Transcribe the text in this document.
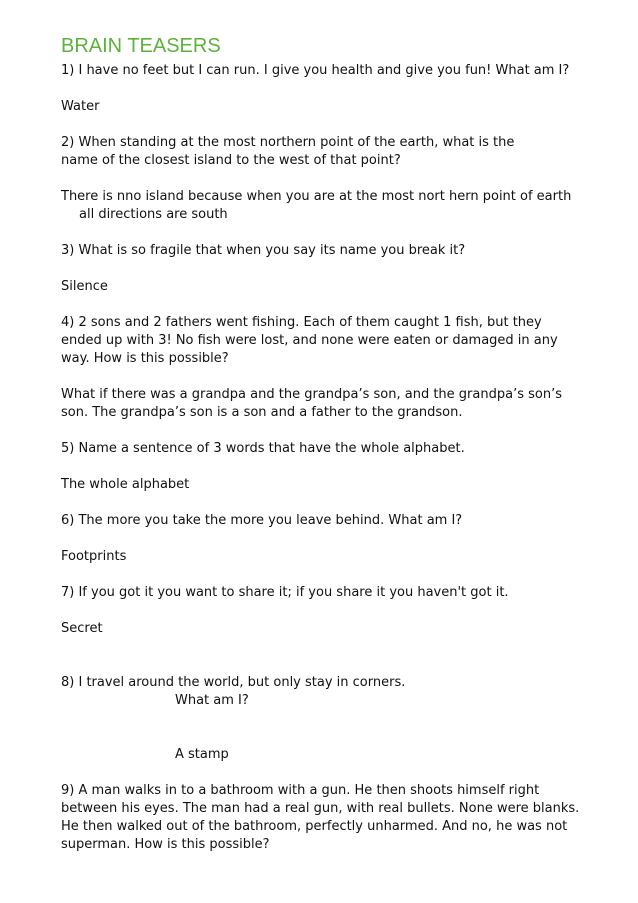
BRAIN TEASERS

1) I have no feet but I can run. I give you health and give you fun! What am I?

Water

2) When standing at the most northern point of the earth, what is the
name of the closest island to the west of that point?

There is nno island because when you are at the most nort hern point of earth all directions are south

3) What is so fragile that when you say its name you break it?

Silence

4) 2 sons and 2 fathers went fishing. Each of them caught 1 fish, but they
ended up with 3! No fish were lost, and none were eaten or damaged in any way. How is this possible?

What if there was a grandpa and the grandpa’s son, and the grandpa’s son’s son. The grandpa’s son is a son and a father to the grandson.

5) Name a sentence of 3 words that have the whole alphabet.

The whole alphabet

6) The more you take the more you leave behind. What am I?

Footprints

7) If you got it you want to share it; if you share it you haven't got it.

Secret

8) I travel around the world, but only stay in corners.

What am I?

A stamp

9) A man walks in to a bathroom with a gun. He then shoots himself right
between his eyes. The man had a real gun, with real bullets. None were blanks. He then walked out of the bathroom, perfectly unharmed. And no, he was not superman. How is this possible?
